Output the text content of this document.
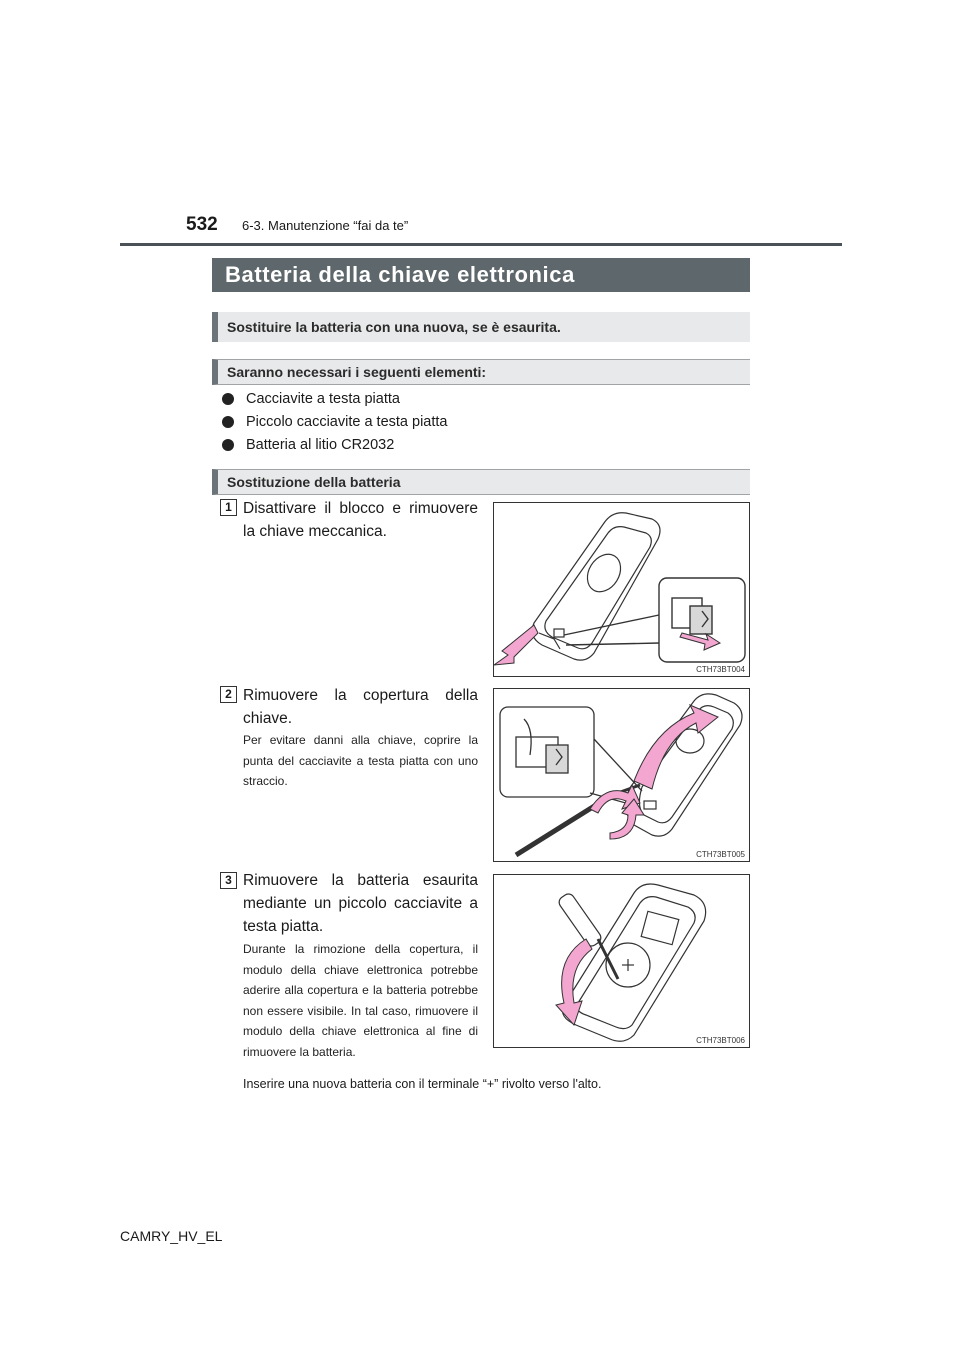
532 6-3. Manutenzione “fai da te”
Batteria della chiave elettronica
Sostituire la batteria con una nuova, se è esaurita.
Saranno necessari i seguenti elementi:
Cacciavite a testa piatta
Piccolo cacciavite a testa piatta
Batteria al litio CR2032
Sostituzione della batteria
1 Disattivare il blocco e rimuovere la chiave meccanica.
CTH73BT004
2 Rimuovere la copertura della chiave.
Per evitare danni alla chiave, coprire la punta del cacciavite a testa piatta con uno straccio.
CTH73BT005
3 Rimuovere la batteria esaurita mediante un piccolo cacciavite a testa piatta.
Durante la rimozione della copertura, il modulo della chiave elettronica potrebbe aderire alla copertura e la batteria potrebbe non essere visibile. In tal caso, rimuovere il modulo della chiave elettronica al fine di rimuovere la batteria.
CTH73BT006
Inserire una nuova batteria con il terminale “+” rivolto verso l'alto.
CAMRY_HV_EL
